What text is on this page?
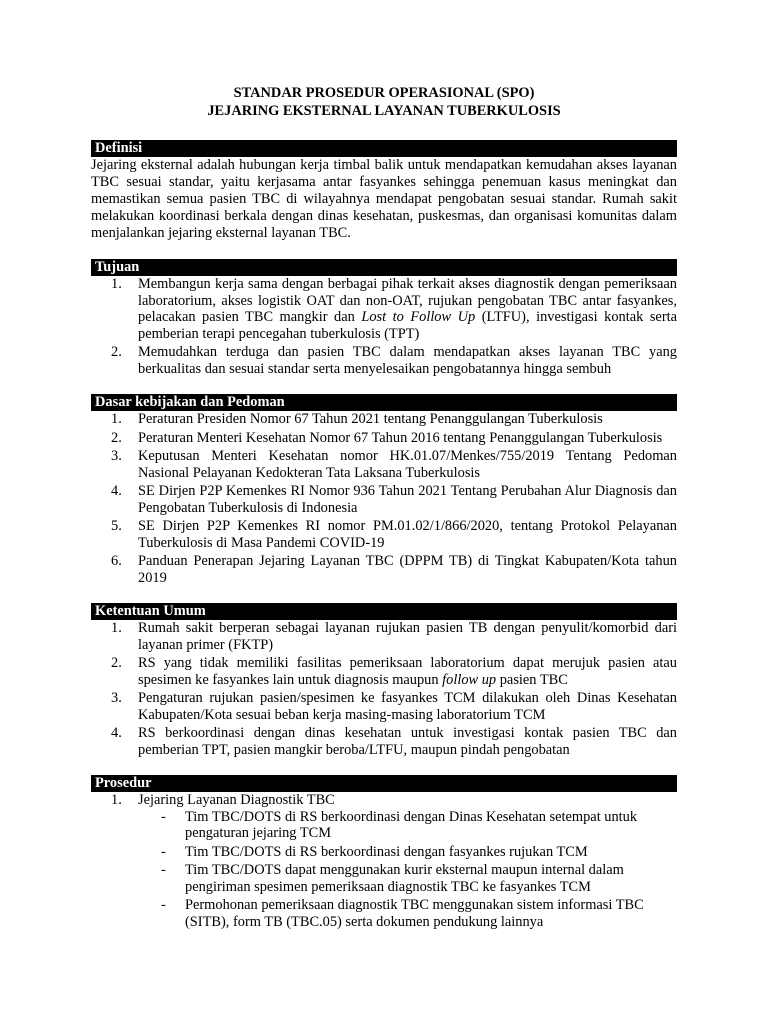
STANDAR PROSEDUR OPERASIONAL (SPO)

JEJARING EKSTERNAL LAYANAN TUBERKULOSIS

Definisi

Jejaring eksternal adalah hubungan kerja timbal balik untuk mendapatkan kemudahan akses layanan TBC sesuai standar, yaitu kerjasama antar fasyankes sehingga penemuan kasus meningkat dan memastikan semua pasien TBC di wilayahnya mendapat pengobatan sesuai standar. Rumah sakit melakukan koordinasi berkala dengan dinas kesehatan, puskesmas, dan organisasi komunitas dalam menjalankan jejaring eksternal layanan TBC.

Tujuan
1. Membangun kerja sama dengan berbagai pihak terkait akses diagnostik dengan pemeriksaan laboratorium, akses logistik OAT dan non-OAT, rujukan pengobatan TBC antar fasyankes, pelacakan pasien TBC mangkir dan Lost to Follow Up (LTFU), investigasi kontak serta pemberian terapi pencegahan tuberkulosis (TPT)
2. Memudahkan terduga dan pasien TBC dalam mendapatkan akses layanan TBC yang berkualitas dan sesuai standar serta menyelesaikan pengobatannya hingga sembuh
Dasar kebijakan dan Pedoman
1. Peraturan Presiden Nomor 67 Tahun 2021 tentang Penanggulangan Tuberkulosis
2. Peraturan Menteri Kesehatan Nomor 67 Tahun 2016 tentang Penanggulangan Tuberkulosis
3. Keputusan Menteri Kesehatan nomor HK.01.07/Menkes/755/2019 Tentang Pedoman Nasional Pelayanan Kedokteran Tata Laksana Tuberkulosis
4. SE Dirjen P2P Kemenkes RI Nomor 936 Tahun 2021 Tentang Perubahan Alur Diagnosis dan Pengobatan Tuberkulosis di Indonesia
5. SE Dirjen P2P Kemenkes RI nomor PM.01.02/1/866/2020, tentang Protokol Pelayanan Tuberkulosis di Masa Pandemi COVID-19
6. Panduan Penerapan Jejaring Layanan TBC (DPPM TB) di Tingkat Kabupaten/Kota tahun 2019
Ketentuan Umum
1. Rumah sakit berperan sebagai layanan rujukan pasien TB dengan penyulit/komorbid dari layanan primer (FKTP)
2. RS yang tidak memiliki fasilitas pemeriksaan laboratorium dapat merujuk pasien atau spesimen ke fasyankes lain untuk diagnosis maupun follow up pasien TBC
3. Pengaturan rujukan pasien/spesimen ke fasyankes TCM dilakukan oleh Dinas Kesehatan Kabupaten/Kota sesuai beban kerja masing-masing laboratorium TCM
4. RS berkoordinasi dengan dinas kesehatan untuk investigasi kontak pasien TBC dan pemberian TPT, pasien mangkir beroba/LTFU, maupun pindah pengobatan
Prosedur
1. Jejaring Layanan Diagnostik TBC
- Tim TBC/DOTS di RS berkoordinasi dengan Dinas Kesehatan setempat untuk pengaturan jejaring TCM
- Tim TBC/DOTS di RS berkoordinasi dengan fasyankes rujukan TCM
- Tim TBC/DOTS dapat menggunakan kurir eksternal maupun internal dalam pengiriman spesimen pemeriksaan diagnostik TBC ke fasyankes TCM
- Permohonan pemeriksaan diagnostik TBC menggunakan sistem informasi TBC (SITB), form TB (TBC.05) serta dokumen pendukung lainnya
